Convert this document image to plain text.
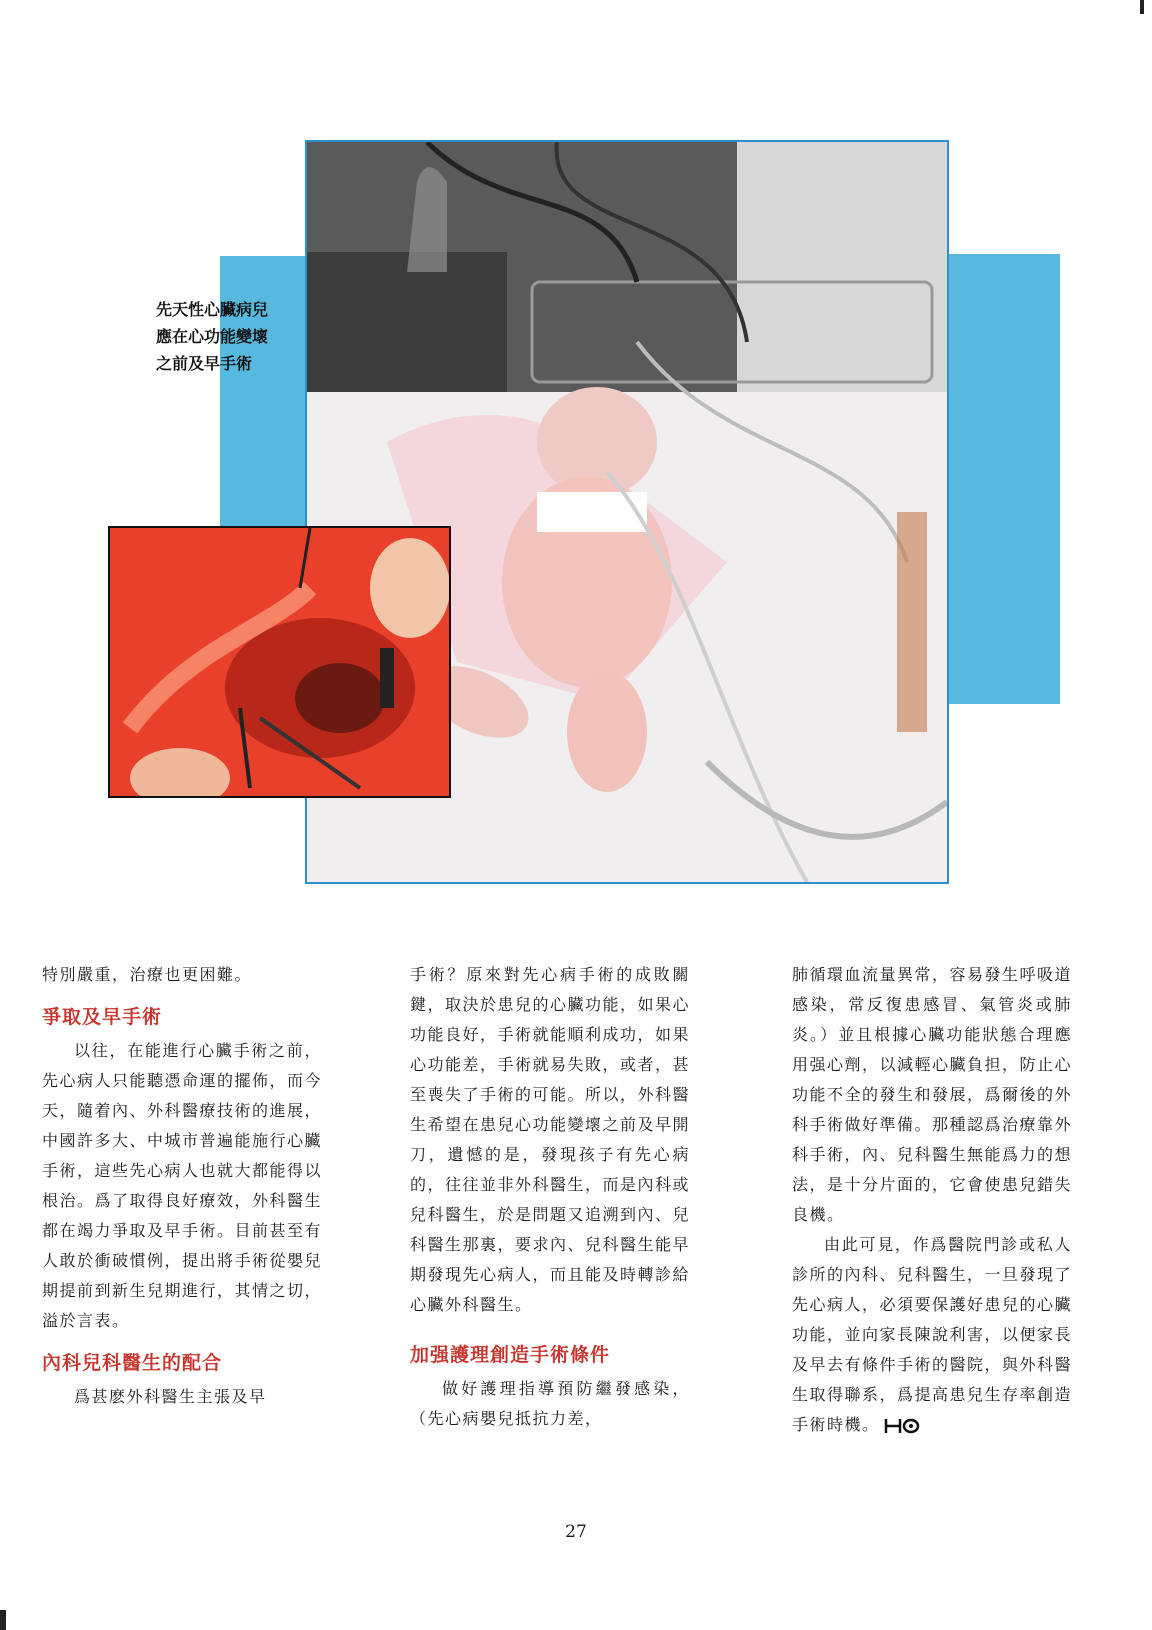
先天性心臟病兒
應在心功能變壞
之前及早手術

特別嚴重，治療也更困難。

爭取及早手術

以往，在能進行心臟手術之前，先心病人只能聽憑命運的擺佈，而今天，隨着內、外科醫療技術的進展，中國許多大、中城市普遍能施行心臟手術，這些先心病人也就大都能得以根治。爲了取得良好療效，外科醫生都在竭力爭取及早手術。目前甚至有人敢於衝破慣例，提出將手術從嬰兒期提前到新生兒期進行，其情之切，溢於言表。

內科兒科醫生的配合

爲甚麽外科醫生主張及早

手術？原來對先心病手術的成敗關鍵，取決於患兒的心臟功能，如果心功能良好，手術就能順利成功，如果心功能差，手術就易失敗，或者，甚至喪失了手術的可能。所以，外科醫生希望在患兒心功能變壞之前及早開刀，遺憾的是，發現孩子有先心病的，往往並非外科醫生，而是內科或兒科醫生，於是問題又追溯到內、兒科醫生那裏，要求內、兒科醫生能早期發現先心病人，而且能及時轉診給心臟外科醫生。

加强護理創造手術條件

做好護理指導預防繼發感染，（先心病嬰兒抵抗力差，

肺循環血流量異常，容易發生呼吸道感染，常反復患感冒、氣管炎或肺炎。）並且根據心臟功能狀態合理應用强心劑，以減輕心臟負担，防止心功能不全的發生和發展，爲爾後的外科手術做好準備。那種認爲治療靠外科手術，內、兒科醫生無能爲力的想法，是十分片面的，它會使患兒錯失良機。

由此可見，作爲醫院門診或私人診所的內科、兒科醫生，一旦發現了先心病人，必須要保護好患兒的心臟功能，並向家長陳說利害，以便家長及早去有條件手術的醫院，與外科醫生取得聯系，爲提高患兒生存率創造手術時機。

27
